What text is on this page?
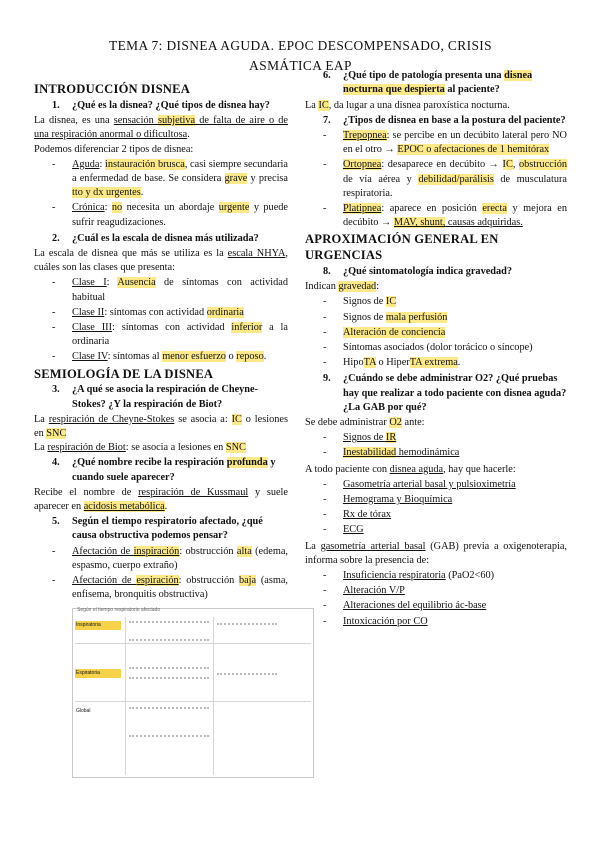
TEMA 7: DISNEA AGUDA. EPOC DESCOMPENSADO, CRISIS
ASMÁTICA EAP
INTRODUCCIÓN DISNEA
1. ¿Qué es la disnea? ¿Qué tipos de disnea hay?

La disnea, es una sensación subjetiva de falta de aire o de una respiración anormal o dificultosa.

Podemos diferenciar 2 tipos de disnea:

- Aguda: instauración brusca, casi siempre secundaria a enfermedad de base. Se considera grave y precisa tto y dx urgentes.
- Crónica: no necesita un abordaje urgente y puede sufrir reagudizaciones.
2. ¿Cuál es la escala de disnea más utilizada?

La escala de disnea que más se utiliza es la escala NHYA, cuáles son las clases que presenta:

- Clase I: Ausencia de síntomas con actividad habitual
- Clase II: síntomas con actividad ordinaria
- Clase III: síntomas con actividad inferior a la ordinaria
- Clase IV: síntomas al menor esfuerzo o reposo.
SEMIOLOGÍA DE LA DISNEA
3. ¿A qué se asocia la respiración de Cheyne-Stokes? ¿Y la respiración de Biot?

La respiración de Cheyne-Stokes se asocia a: IC o lesiones en SNC

La respiración de Biot: se asocia a lesiones en SNC

4. ¿Qué nombre recibe la respiración profunda y cuando suele aparecer?

Recibe el nombre de respiración de Kussmaul y suele aparecer en acidosis metabólica.

5. Según el tiempo respiratorio afectado, ¿qué causa obstructiva podemos pensar?
- Afectación de inspiración: obstrucción alta (edema, espasmo, cuerpo extraño)
- Afectación de espiración: obstrucción baja (asma, enfisema, bronquitis obstructiva)
Según el tiempo respiratorio afectado
Inspiratoria
Espiratoria
Global
6. ¿Qué tipo de patología presenta una disnea nocturna que despierta al paciente?

La IC, da lugar a una disnea paroxística nocturna.

7. ¿Tipos de disnea en base a la postura del paciente?
- Trepopnea: se percibe en un decúbito lateral pero NO en el otro → EPOC o afectaciones de 1 hemitórax
- Ortopnea: desaparece en decúbito → IC, obstrucción de vía aérea y debilidad/parálisis de musculatura respiratoria.
- Platipnea: aparece en posición erecta y mejora en decúbito → MAV, shunt, causas adquiridas.
APROXIMACIÓN GENERAL EN URGENCIAS
8. ¿Qué sintomatología indica gravedad?

Indican gravedad:

- Signos de IC
- Signos de mala perfusión
- Alteración de conciencia
- Síntomas asociados (dolor torácico o síncope)
- HipoTA o HiperTA extrema.
9. ¿Cuándo se debe administrar O2? ¿Qué pruebas hay que realizar a todo paciente con disnea aguda? ¿La GAB por qué?

Se debe administrar O2 ante:

- Signos de IR
- Inestabilidad hemodinámica

A todo paciente con disnea aguda, hay que hacerle:

- Gasometría arterial basal y pulsioximetría
- Hemograma y Bioquímica
- Rx de tórax
- ECG

La gasometría arterial basal (GAB) previa a oxigenoterapia, informa sobre la presencia de:

- Insuficiencia respiratoria (PaO2<60)
- Alteración V/P
- Alteraciones del equilibrio ác-base
- Intoxicación por CO
